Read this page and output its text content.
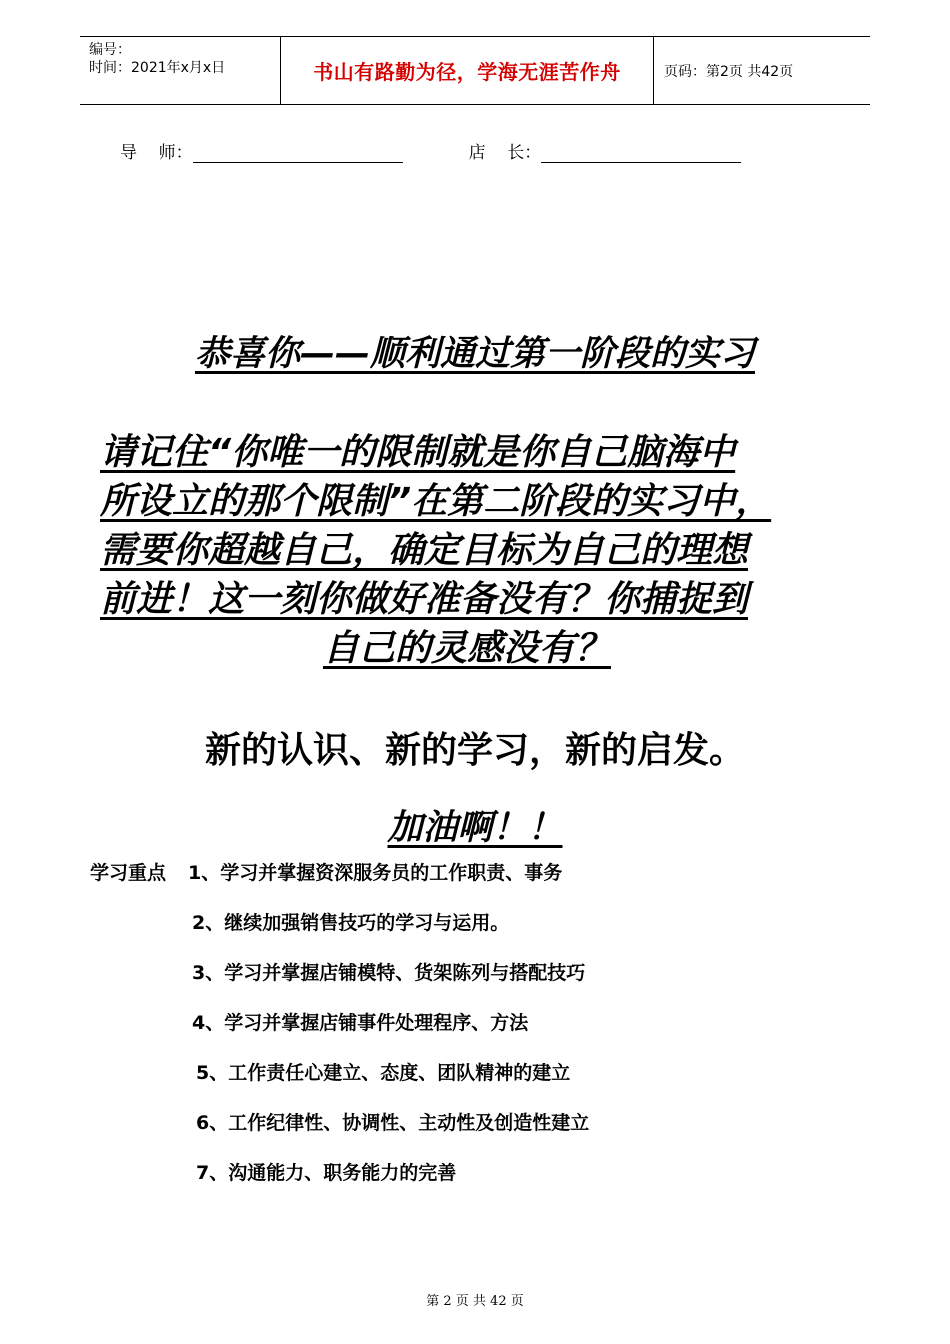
编号：
时间：2021年x月x日	书山有路勤为径，学海无涯苦作舟	页码：第2页 共42页
导    师：	店    长：
恭喜你——顺利通过第一阶段的实习
请记住“你唯一的限制就是你自己脑海中
所设立的那个限制”在第二阶段的实习中，
需要你超越自己，确定目标为自己的理想
前进！这一刻你做好准备没有？你捕捉到
自己的灵感没有？
新的认识、新的学习，新的启发。
加油啊！！
学习重点 1、学习并掌握资深服务员的工作职责、事务
2、继续加强销售技巧的学习与运用。
3、学习并掌握店铺模特、货架陈列与搭配技巧
4、学习并掌握店铺事件处理程序、方法
5、工作责任心建立、态度、团队精神的建立
6、工作纪律性、协调性、主动性及创造性建立
7、沟通能力、职务能力的完善
第 2 页 共 42 页
